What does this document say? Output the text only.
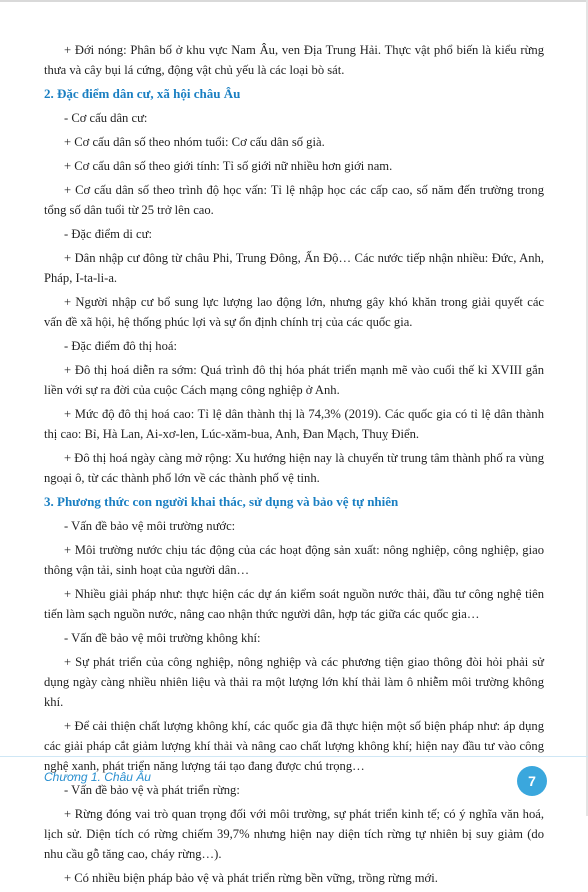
+ Đới nóng: Phân bố ở khu vực Nam Âu, ven Địa Trung Hải. Thực vật phổ biến là kiểu rừng thưa và cây bụi lá cứng, động vật chủ yếu là các loại bò sát.

2. Đặc điểm dân cư, xã hội châu Âu

- Cơ cấu dân cư:

+ Cơ cấu dân số theo nhóm tuổi: Cơ cấu dân số già.

+ Cơ cấu dân số theo giới tính: Tỉ số giới nữ nhiều hơn giới nam.

+ Cơ cấu dân số theo trình độ học vấn: Tỉ lệ nhập học các cấp cao, số năm đến trường trong tổng số dân tuổi từ 25 trở lên cao.

- Đặc điểm di cư:

+ Dân nhập cư đông từ châu Phi, Trung Đông, Ấn Độ… Các nước tiếp nhận nhiều: Đức, Anh, Pháp, I-ta-li-a.

+ Người nhập cư bổ sung lực lượng lao động lớn, nhưng gây khó khăn trong giải quyết các vấn đề xã hội, hệ thống phúc lợi và sự ổn định chính trị của các quốc gia.

- Đặc điểm đô thị hoá:

+ Đô thị hoá diễn ra sớm: Quá trình đô thị hóa phát triển mạnh mẽ vào cuối thế kỉ XVIII gắn liền với sự ra đời của cuộc Cách mạng công nghiệp ở Anh.

+ Mức độ đô thị hoá cao: Tỉ lệ dân thành thị là 74,3% (2019). Các quốc gia có tỉ lệ dân thành thị cao: Bỉ, Hà Lan, Ai-xơ-len, Lúc-xăm-bua, Anh, Đan Mạch, Thuỵ Điển.

+ Đô thị hoá ngày càng mở rộng: Xu hướng hiện nay là chuyển từ trung tâm thành phố ra vùng ngoại ô, từ các thành phố lớn về các thành phố vệ tinh.

3. Phương thức con người khai thác, sử dụng và bảo vệ tự nhiên

- Vấn đề bảo vệ môi trường nước:

+ Môi trường nước chịu tác động của các hoạt động sản xuất: nông nghiệp, công nghiệp, giao thông vận tải, sinh hoạt của người dân…

+ Nhiều giải pháp như: thực hiện các dự án kiểm soát nguồn nước thải, đầu tư công nghệ tiên tiến làm sạch nguồn nước, nâng cao nhận thức người dân, hợp tác giữa các quốc gia…

- Vấn đề bảo vệ môi trường không khí:

+ Sự phát triển của công nghiệp, nông nghiệp và các phương tiện giao thông đòi hỏi phải sử dụng ngày càng nhiều nhiên liệu và thải ra một lượng lớn khí thải làm ô nhiễm môi trường không khí.

+ Để cải thiện chất lượng không khí, các quốc gia đã thực hiện một số biện pháp như: áp dụng các giải pháp cắt giảm lượng khí thải và nâng cao chất lượng không khí; hiện nay đầu tư vào công nghệ xanh, phát triển năng lượng tái tạo đang được chú trọng…

- Vấn đề bảo vệ và phát triển rừng:

+ Rừng đóng vai trò quan trọng đối với môi trường, sự phát triển kinh tế; có ý nghĩa văn hoá, lịch sử. Diện tích có rừng chiếm 39,7% nhưng hiện nay diện tích rừng tự nhiên bị suy giảm (do nhu cầu gỗ tăng cao, cháy rừng…).

+ Có nhiều biện pháp bảo vệ và phát triển rừng bền vững, trồng rừng mới.

Chương 1. Châu Âu	7
